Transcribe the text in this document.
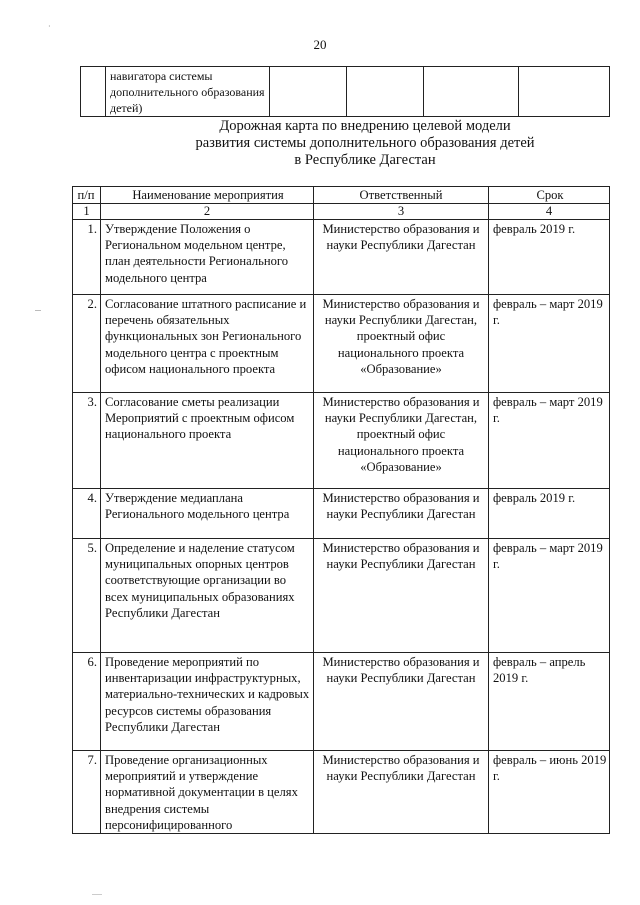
·
20

навигатора системы дополнительного образования детей)

Дорожная карта по внедрению целевой модели
развития системы дополнительного образования детей
в Республике Дагестан
п/п	Наименование мероприятия	Ответственный	Срок
1	2	3	4
1.	Утверждение Положения о Региональном модельном центре, план деятельности Регионального модельного центра	Министерство образования и науки Республики Дагестан	февраль 2019 г.
2.	Согласование штатного расписание и перечень обязательных функциональных зон Регионального модельного центра с проектным офисом национального проекта	Министерство образования и науки Республики Дагестан, проектный офис национального проекта «Образование»	февраль – март 2019 г.
3.	Согласование сметы реализации Мероприятий с проектным офисом национального проекта	Министерство образования и науки Республики Дагестан, проектный офис национального проекта «Образование»	февраль – март 2019 г.
4.	Утверждение медиаплана Регионального модельного центра	Министерство образования и науки Республики Дагестан	февраль 2019 г.
5.	Определение и наделение статусом муниципальных опорных центров соответствующие организации во всех муниципальных образованиях Республики Дагестан	Министерство образования и науки Республики Дагестан	февраль – март 2019 г.
6.	Проведение мероприятий по инвентаризации инфраструктурных, материально-технических и кадровых ресурсов системы образования Республики Дагестан	Министерство образования и науки Республики Дагестан	февраль – апрель 2019 г.
7.	Проведение организационных мероприятий и утверждение нормативной документации в целях внедрения системы персонифицированного	Министерство образования и науки Республики Дагестан	февраль – июнь 2019 г.
